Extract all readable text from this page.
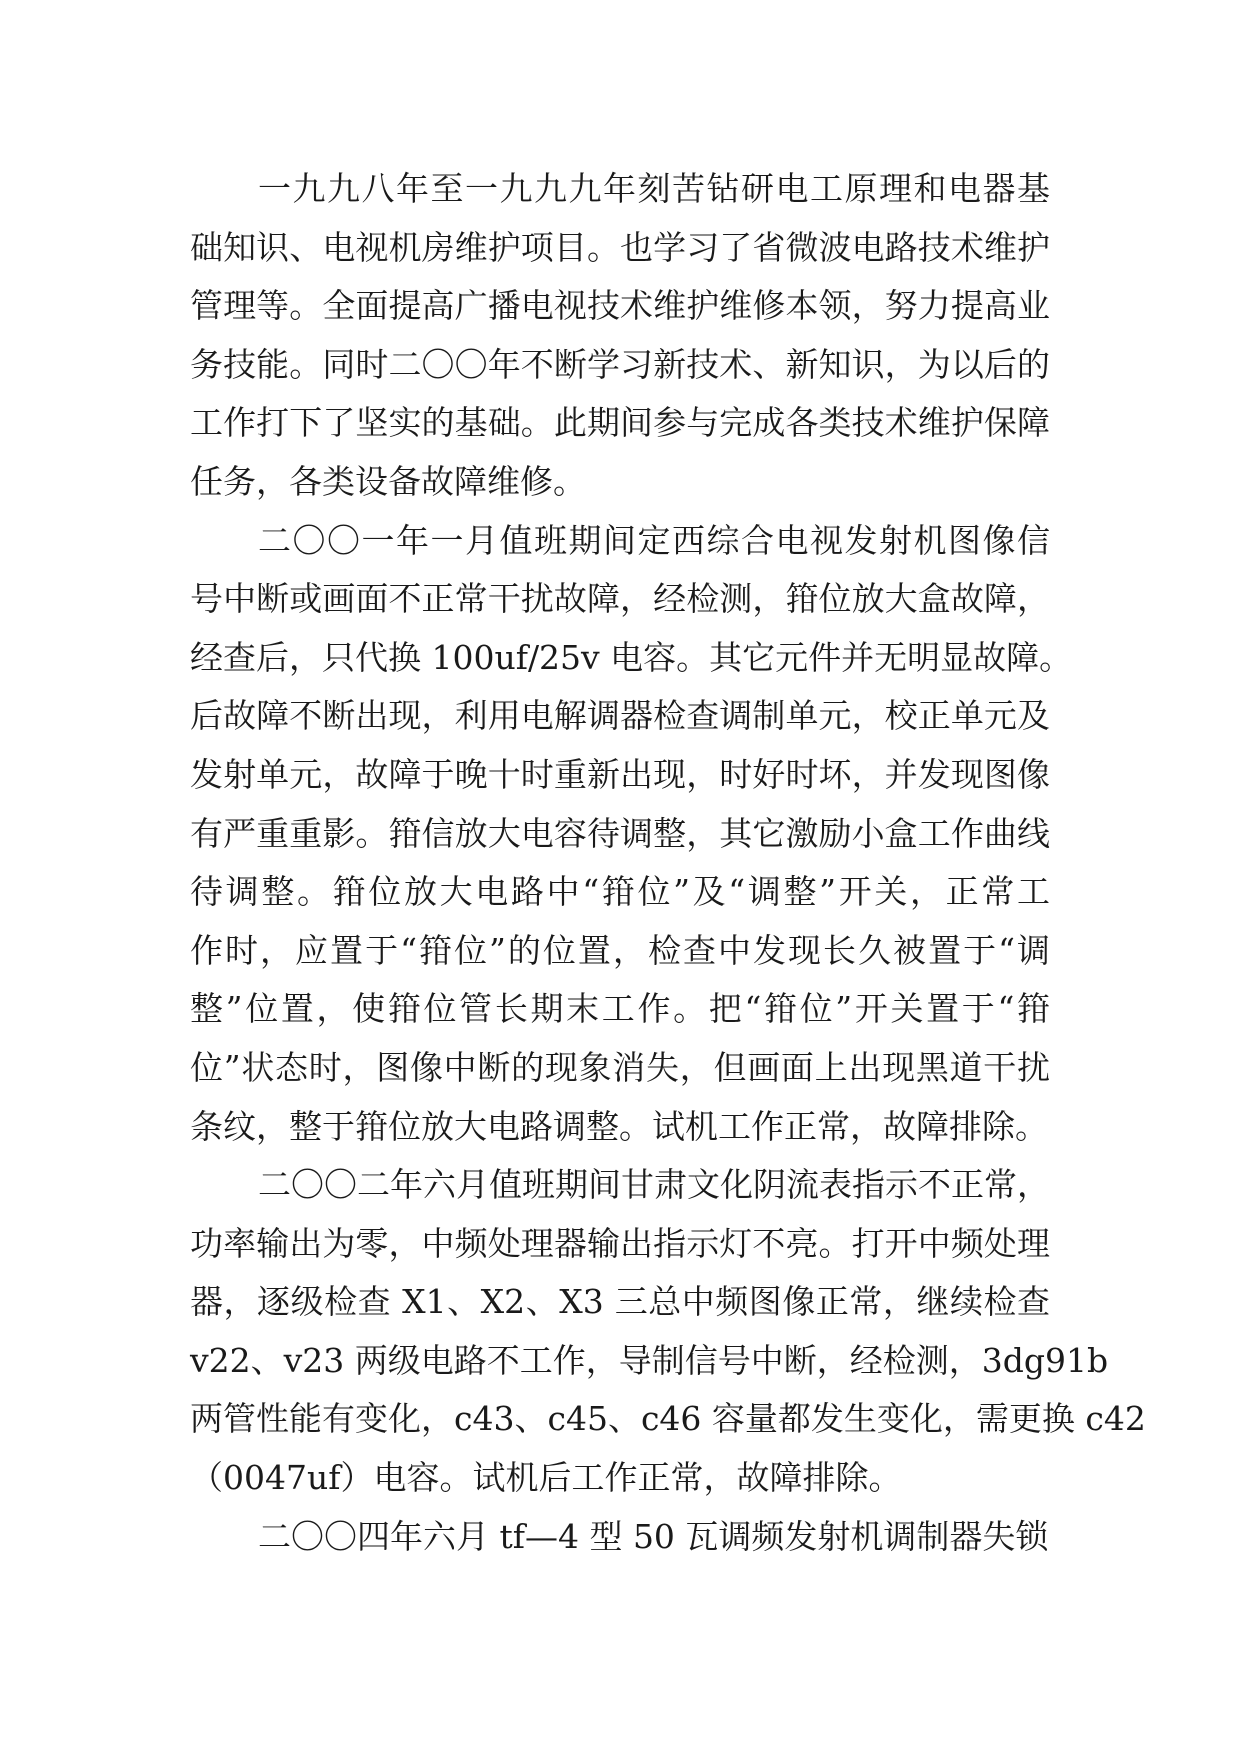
一九九八年至一九九九年刻苦钻研电工原理和电器基
础知识、电视机房维护项目。也学习了省微波电路技术维护
管理等。全面提高广播电视技术维护维修本领，努力提高业
务技能。同时二〇〇年不断学习新技术、新知识，为以后的
工作打下了坚实的基础。此期间参与完成各类技术维护保障
任务，各类设备故障维修。
二〇〇一年一月值班期间定西综合电视发射机图像信
号中断或画面不正常干扰故障，经检测，箝位放大盒故障，
经查后，只代换 100uf/25v 电容。其它元件并无明显故障。
后故障不断出现，利用电解调器检查调制单元，校正单元及
发射单元，故障于晚十时重新出现，时好时坏，并发现图像
有严重重影。箝信放大电容待调整，其它激励小盒工作曲线
待调整。箝位放大电路中“箝位”及“调整”开关，正常工
作时，应置于“箝位”的位置，检查中发现长久被置于“调
整”位置，使箝位管长期末工作。把“箝位”开关置于“箝
位”状态时，图像中断的现象消失，但画面上出现黑道干扰
条纹，整于箝位放大电路调整。试机工作正常，故障排除。
二〇〇二年六月值班期间甘肃文化阴流表指示不正常，
功率输出为零，中频处理器输出指示灯不亮。打开中频处理
器，逐级检查 X1、X2、X3 三总中频图像正常，继续检查
v22、v23 两级电路不工作，导制信号中断，经检测，3dg91b
两管性能有变化，c43、c45、c46 容量都发生变化，需更换 c42
（0047uf）电容。试机后工作正常，故障排除。
二〇〇四年六月 tf—4 型 50 瓦调频发射机调制器失锁
